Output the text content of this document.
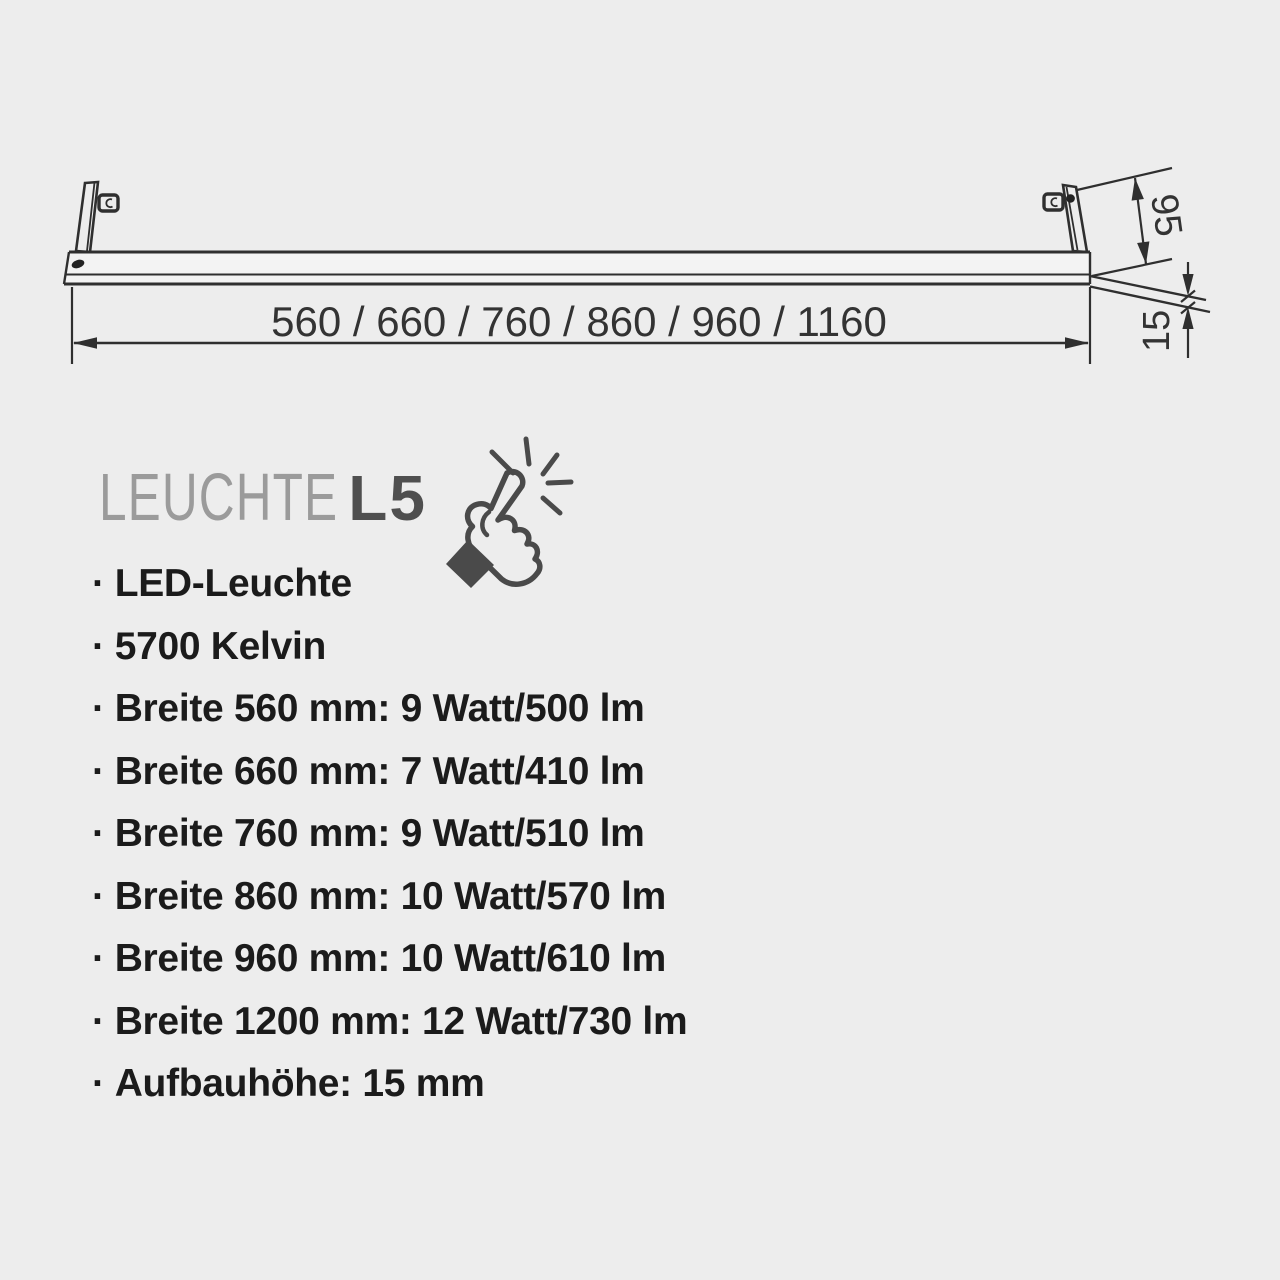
560 / 660 / 760 / 860 / 960 / 1160
95
15
LEUCHTE L5
· LED-Leuchte
· 5700 Kelvin
· Breite 560 mm: 9 Watt/500 lm
· Breite 660 mm: 7 Watt/410 lm
· Breite 760 mm: 9 Watt/510 lm
· Breite 860 mm: 10 Watt/570 lm
· Breite 960 mm: 10 Watt/610 lm
· Breite 1200 mm: 12 Watt/730 lm
· Aufbauhöhe: 15 mm
